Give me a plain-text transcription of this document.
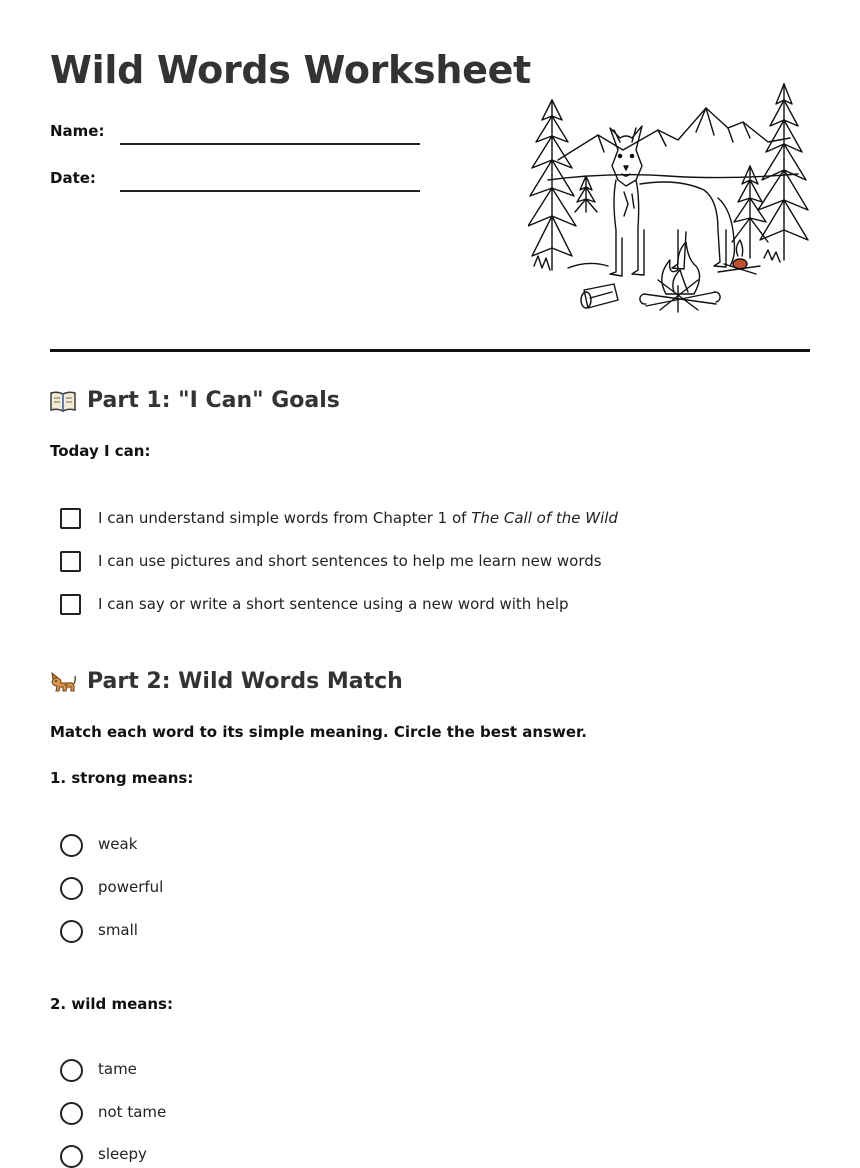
Wild Words Worksheet
Name:
Date:
Part 1: "I Can" Goals
Today I can:
I can understand simple words from Chapter 1 of The Call of the Wild
I can use pictures and short sentences to help me learn new words
I can say or write a short sentence using a new word with help
Part 2: Wild Words Match
Match each word to its simple meaning. Circle the best answer.
1. strong means:
weak
powerful
small
2. wild means:
tame
not tame
sleepy
